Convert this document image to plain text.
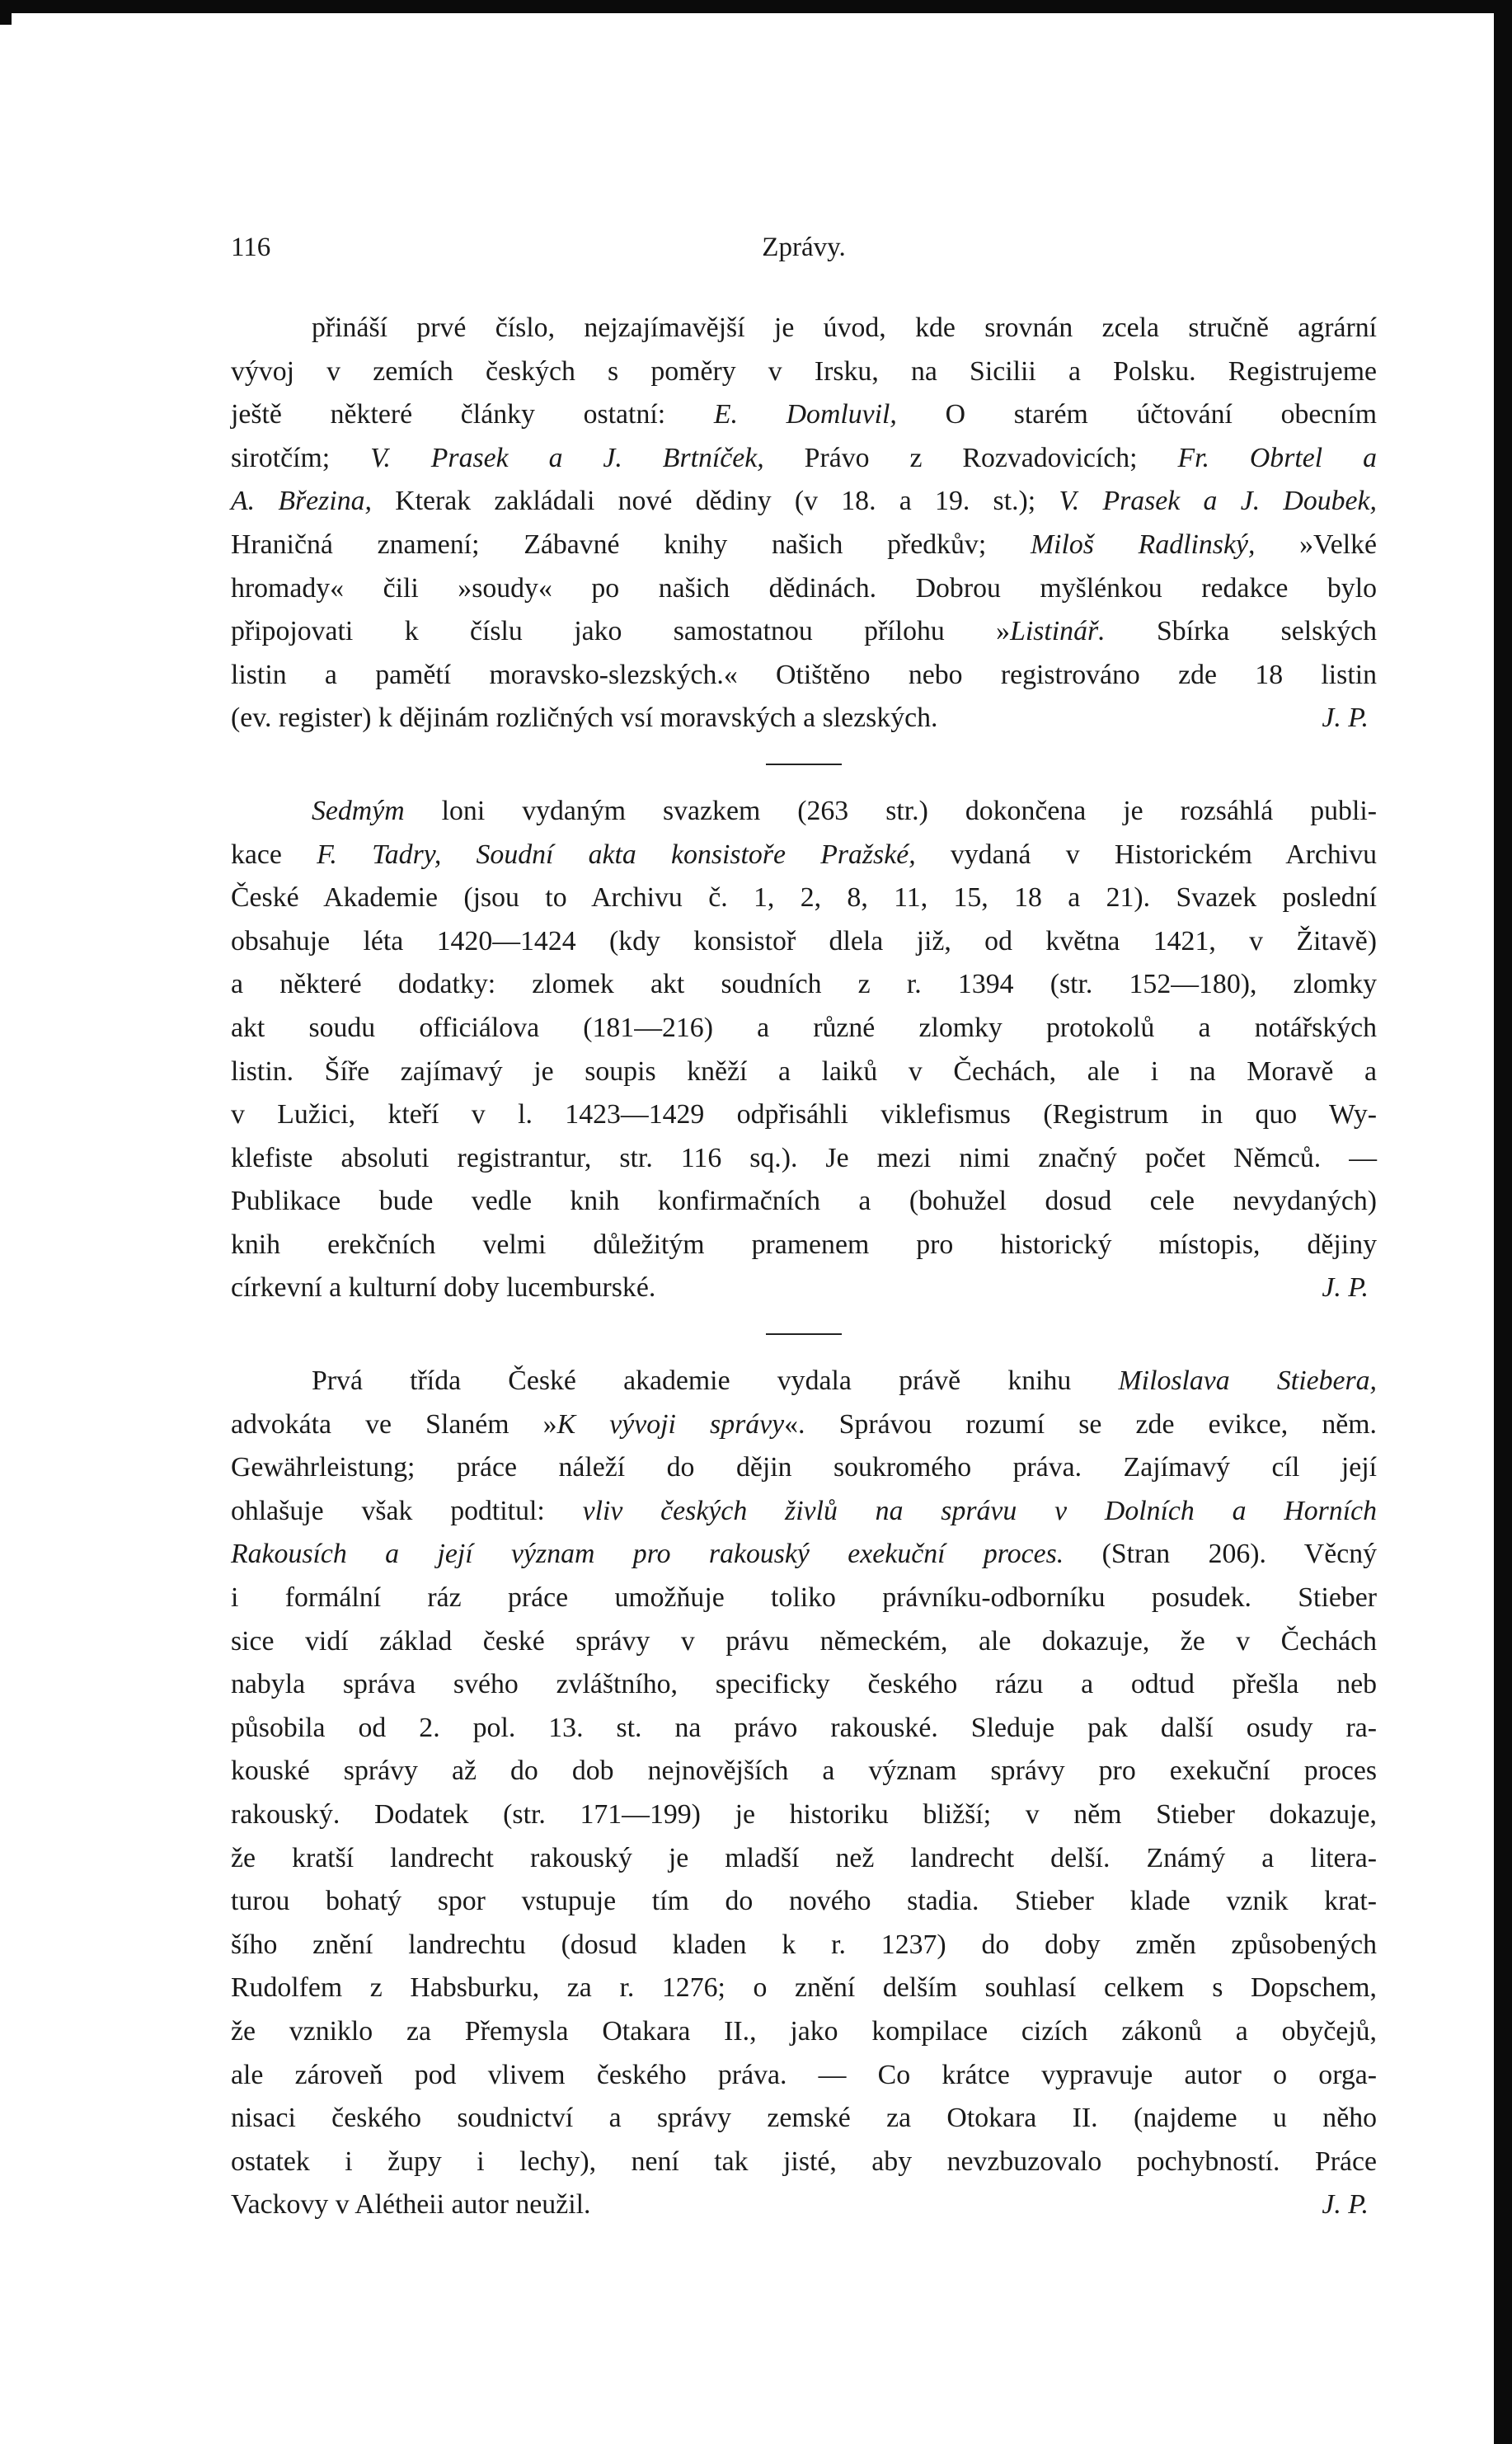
116	Zprávy.
přináší prvé číslo, nejzajímavější je úvod, kde srovnán zcela stručně agrární
vývoj v zemích českých s poměry v Irsku, na Sicilii a Polsku. Registrujeme
ještě některé články ostatní: E. Domluvil, O starém účtování obecním
sirotčím; V. Prasek a J. Brtníček, Právo z Rozvadovicích; Fr. Obrtel a
A. Březina, Kterak zakládali nové dědiny (v 18. a 19. st.); V. Prasek a J. Doubek,
Hraničná znamení; Zábavné knihy našich předkův; Miloš Radlinský, »Velké
hromady« čili »soudy« po našich dědinách. Dobrou myšlénkou redakce bylo
připojovati k číslu jako samostatnou přílohu »Listinář. Sbírka selských
listin a pamětí moravsko-slezských.« Otištěno nebo registrováno zde 18 listin
(ev. register) k dějinám rozličných vsí moravských a slezských.	J. P.
Sedmým loni vydaným svazkem (263 str.) dokončena je rozsáhlá publi-
kace F. Tadry, Soudní akta konsistoře Pražské, vydaná v Historickém Archivu
České Akademie (jsou to Archivu č. 1, 2, 8, 11, 15, 18 a 21). Svazek poslední
obsahuje léta 1420—1424 (kdy konsistoř dlela již, od května 1421, v Žitavě)
a některé dodatky: zlomek akt soudních z r. 1394 (str. 152—180), zlomky
akt soudu officiálova (181—216) a různé zlomky protokolů a notářských
listin. Šíře zajímavý je soupis kněží a laiků v Čechách, ale i na Moravě a
v Lužici, kteří v l. 1423—1429 odpřisáhli viklefismus (Registrum in quo Wy-
klefiste absoluti registrantur, str. 116 sq.). Je mezi nimi značný počet Němců. —
Publikace bude vedle knih konfirmačních a (bohužel dosud cele nevydaných)
knih erekčních velmi důležitým pramenem pro historický místopis, dějiny
církevní a kulturní doby lucemburské.	J. P.
Prvá třída České akademie vydala právě knihu Miloslava Stiebera,
advokáta ve Slaném »K vývoji správy«. Správou rozumí se zde evikce, něm.
Gewährleistung; práce náleží do dějin soukromého práva. Zajímavý cíl její
ohlašuje však podtitul: vliv českých živlů na správu v Dolních a Horních
Rakousích a její význam pro rakouský exekuční proces. (Stran 206). Věcný
i formální ráz práce umožňuje toliko právníku-odborníku posudek. Stieber
sice vidí základ české správy v právu německém, ale dokazuje, že v Čechách
nabyla správa svého zvláštního, specificky českého rázu a odtud přešla neb
působila od 2. pol. 13. st. na právo rakouské. Sleduje pak další osudy ra-
kouské správy až do dob nejnovějších a význam správy pro exekuční proces
rakouský. Dodatek (str. 171—199) je historiku bližší; v něm Stieber dokazuje,
že kratší landrecht rakouský je mladší než landrecht delší. Známý a litera-
turou bohatý spor vstupuje tím do nového stadia. Stieber klade vznik krat-
šího znění landrechtu (dosud kladen k r. 1237) do doby změn způsobených
Rudolfem z Habsburku, za r. 1276; o znění delším souhlasí celkem s Dopschem,
že vzniklo za Přemysla Otakara II., jako kompilace cizích zákonů a obyčejů,
ale zároveň pod vlivem českého práva. — Co krátce vypravuje autor o orga-
nisaci českého soudnictví a správy zemské za Otokara II. (najdeme u něho
ostatek i župy i lechy), není tak jisté, aby nevzbuzovalo pochybností. Práce
Vackovy v Alétheii autor neužil.	J. P.
